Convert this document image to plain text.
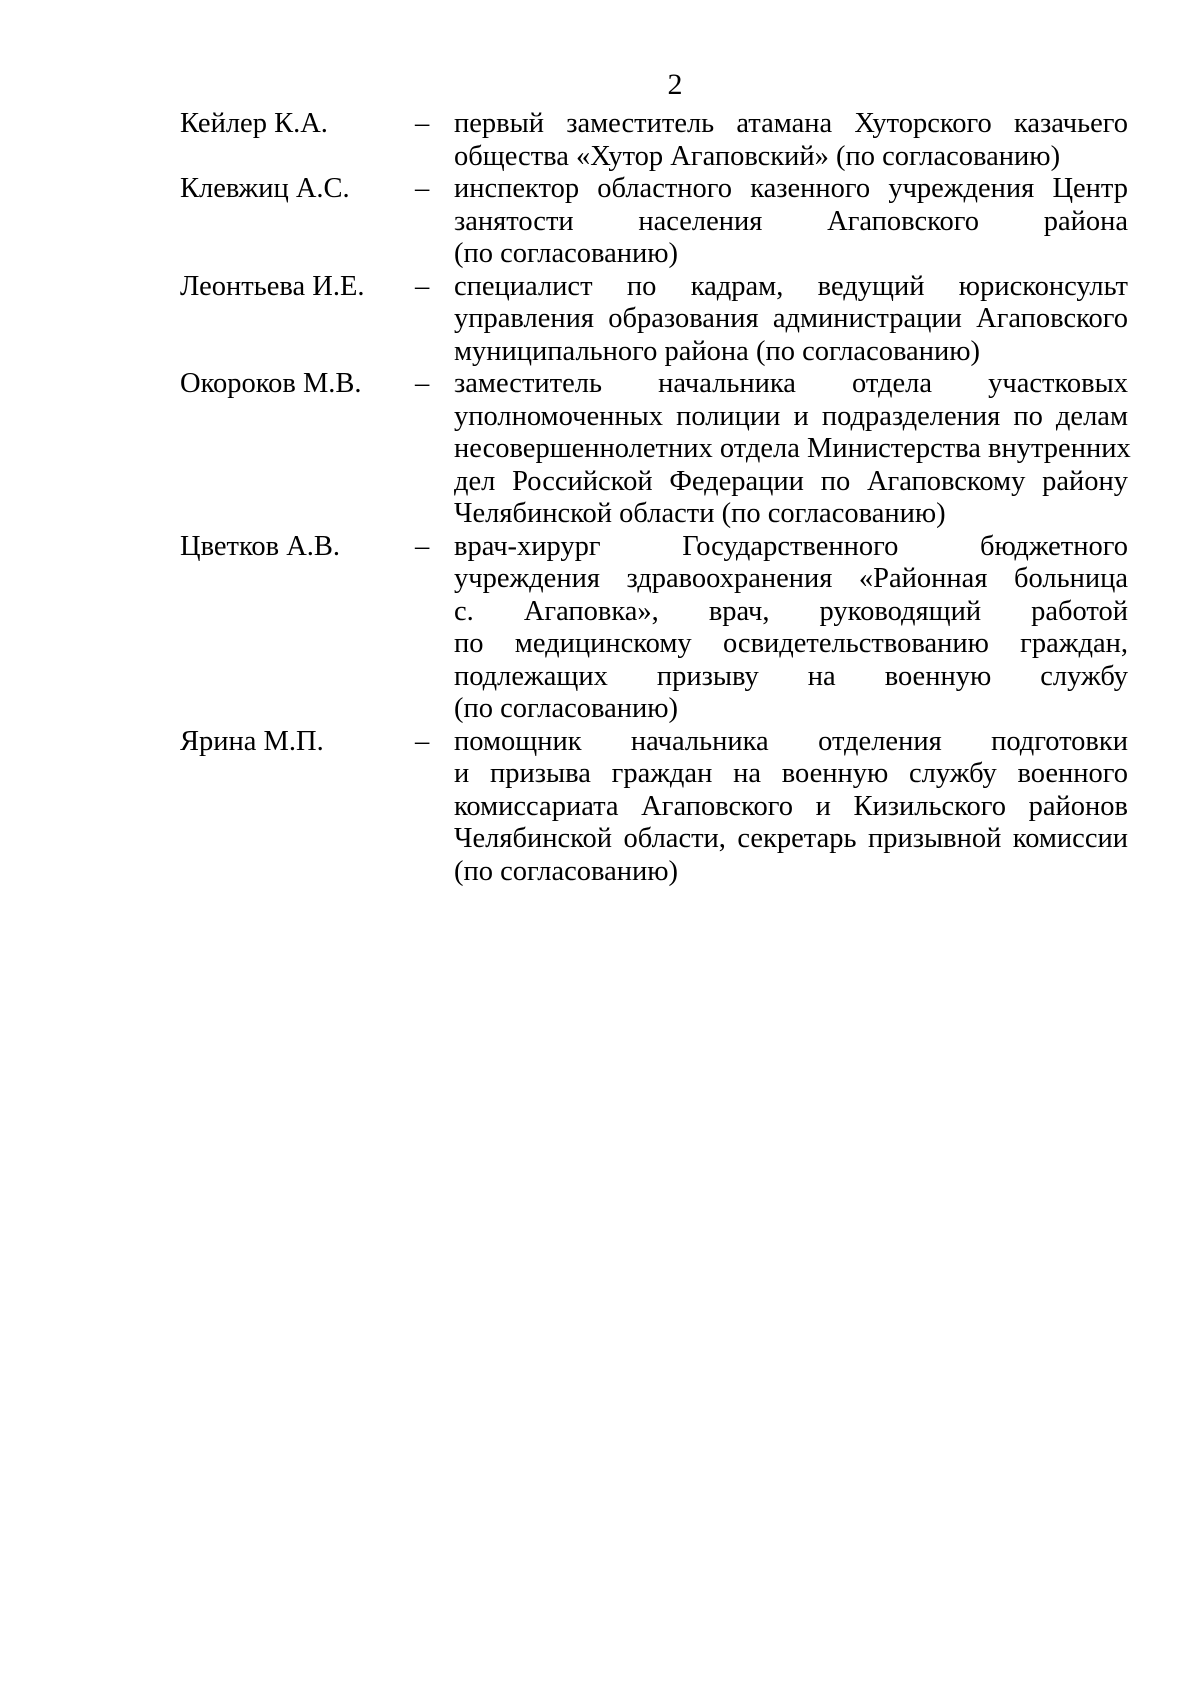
2
Кейлер К.А.	– первый заместитель атамана Хуторского казачьего
общества «Хутор Агаповский» (по согласованию)
Клевжиц А.С. – инспектор областного казенного учреждения Центр
занятости населения Агаповского района
(по согласованию)
Леонтьева И.Е. – специалист по кадрам, ведущий юрисконсульт
управления образования администрации Агаповского
муниципального района (по согласованию)
Окороков М.В. – заместитель начальника отдела участковых
уполномоченных полиции и подразделения по делам
несовершеннолетних отдела Министерства внутренних
дел Российской Федерации по Агаповскому району
Челябинской области (по согласованию)
Цветков А.В.	– врач-хирург Государственного бюджетного
учреждения здравоохранения «Районная больница
с. Агаповка», врач, руководящий работой
по медицинскому освидетельствованию граждан,
подлежащих призыву на военную службу
(по согласованию)
Ярина М.П.	– помощник начальника отделения подготовки
и призыва граждан на военную службу военного
комиссариата Агаповского и Кизильского районов
Челябинской области, секретарь призывной комиссии
(по согласованию)
